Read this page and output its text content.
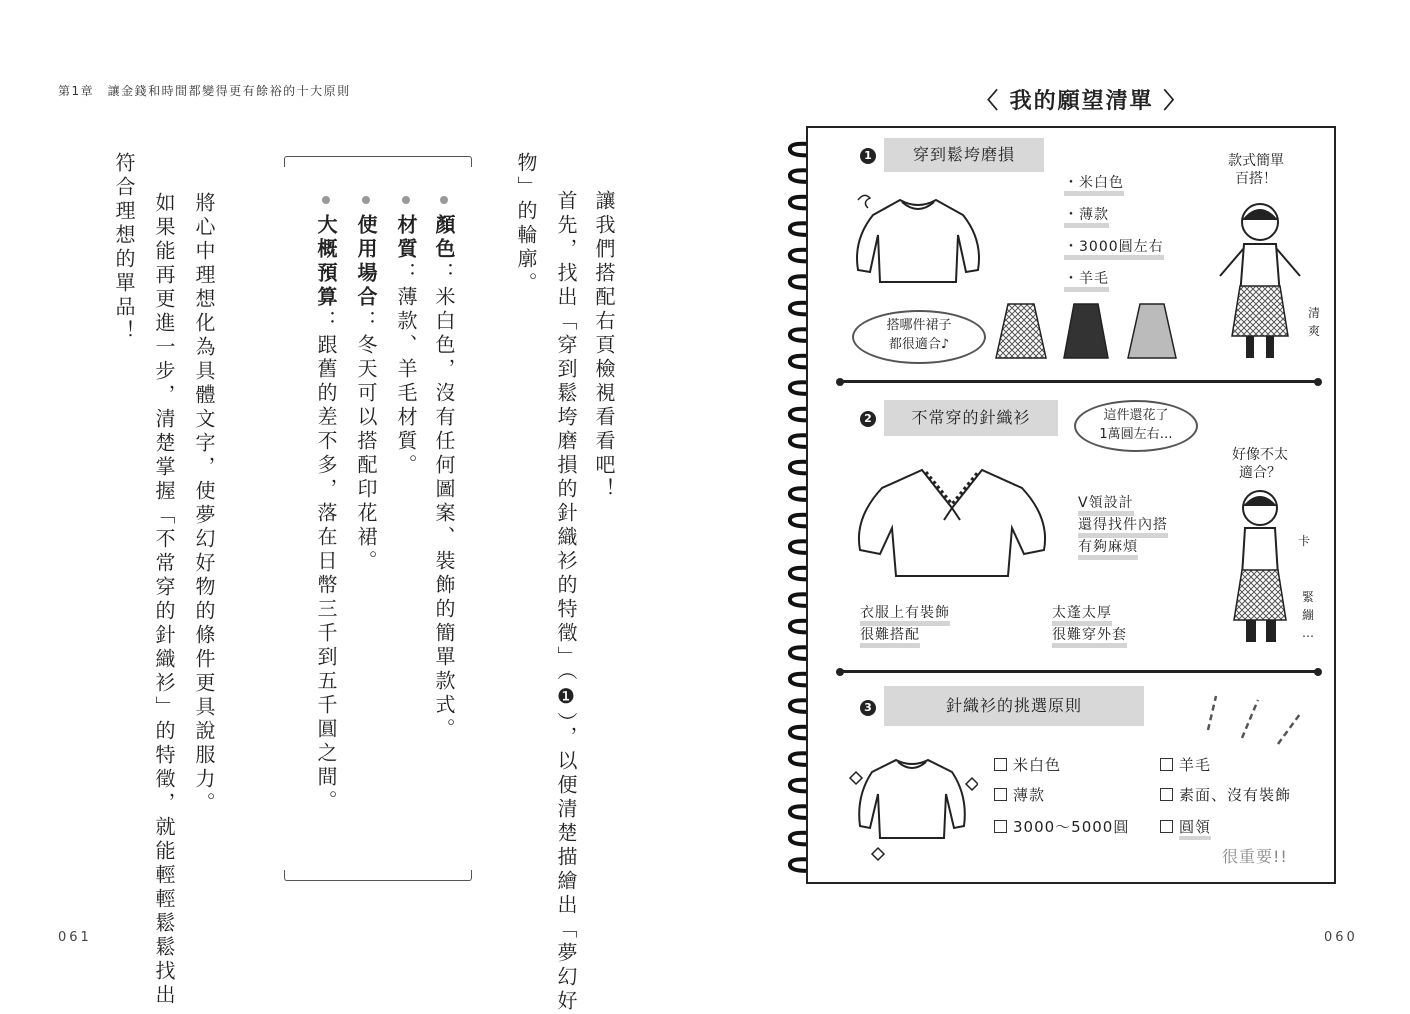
第1章　讓金錢和時間都變得更有餘裕的十大原則
讓我們搭配右頁檢視看看吧！
首先，找出「穿到鬆垮磨損的針織衫的特徵」（❶），以便清楚描繪出「夢幻好
物」的輪廓。
顏色：米白色，沒有任何圖案、裝飾的簡單款式。
材質：薄款、羊毛材質。
使用場合：冬天可以搭配印花裙。
大概預算：跟舊的差不多，落在日幣三千到五千圓之間。
將心中理想化為具體文字，使夢幻好物的條件更具說服力。
如果能再更進一步，清楚掌握「不常穿的針織衫」的特徵，就能輕輕鬆鬆找出
符合理想的單品！
061	060
〈 我的願望清單 〉
1	穿到鬆垮磨損
・米白色
・薄款
・3000圓左右
・羊毛
搭哪件裙子
都很適合♪
款式簡單
百搭！
清
爽
2	不常穿的針織衫	這件還花了
1萬圓左右…
V領設計
還得找件內搭
有夠麻煩
衣服上有裝飾
很難搭配
太蓬太厚
很難穿外套
好像不太
適合？
卡
緊
繃
…
3	針織衫的挑選原則
米白色	羊毛
薄款	素面、沒有裝飾
3000～5000圓	圓領
很重要!!
